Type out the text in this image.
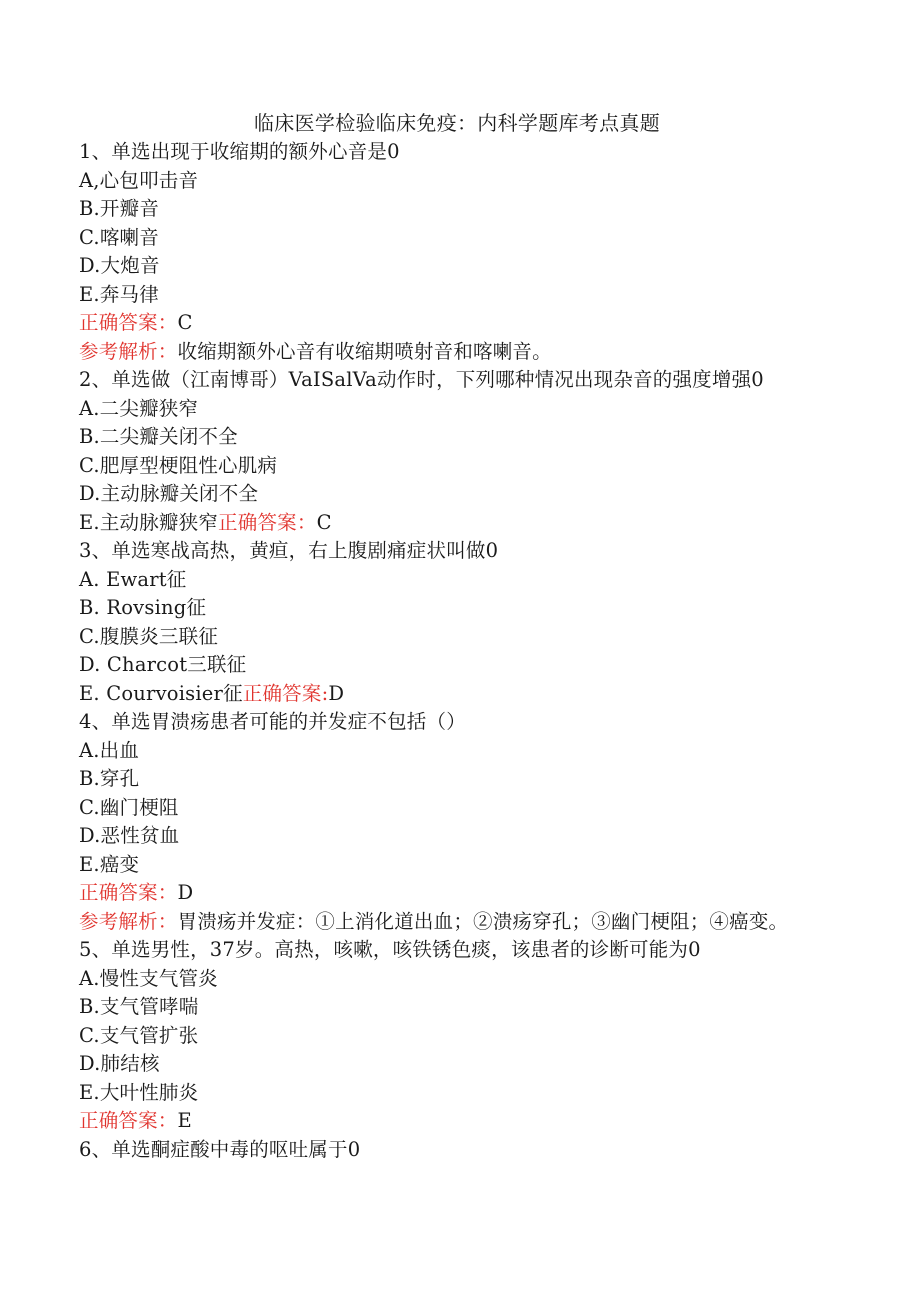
临床医学检验临床免疫：内科学题库考点真题
1、单选出现于收缩期的额外心音是0
A,心包叩击音
B.开瓣音
C.喀喇音
D.大炮音
E.奔马律
正确答案：C
参考解析：收缩期额外心音有收缩期喷射音和喀喇音。
2、单选做（江南博哥）VaISalVa动作时，下列哪种情况出现杂音的强度增强0
A.二尖瓣狭窄
B.二尖瓣关闭不全
C.肥厚型梗阻性心肌病
D.主动脉瓣关闭不全
E.主动脉瓣狭窄正确答案：C
3、单选寒战高热，黄疸，右上腹剧痛症状叫做0
A. Ewart征
B. Rovsing征
C.腹膜炎三联征
D. Charcot三联征
E. Courvoisier征正确答案:D
4、单选胃溃疡患者可能的并发症不包括（）
A.出血
B.穿孔
C.幽门梗阻
D.恶性贫血
E.癌变
正确答案：D
参考解析：胃溃疡并发症：①上消化道出血；②溃疡穿孔；③幽门梗阻；④癌变。
5、单选男性，37岁。高热，咳嗽，咳铁锈色痰，该患者的诊断可能为0
A.慢性支气管炎
B.支气管哮喘
C.支气管扩张
D.肺结核
E.大叶性肺炎
正确答案：E
6、单选酮症酸中毒的呕吐属于0
